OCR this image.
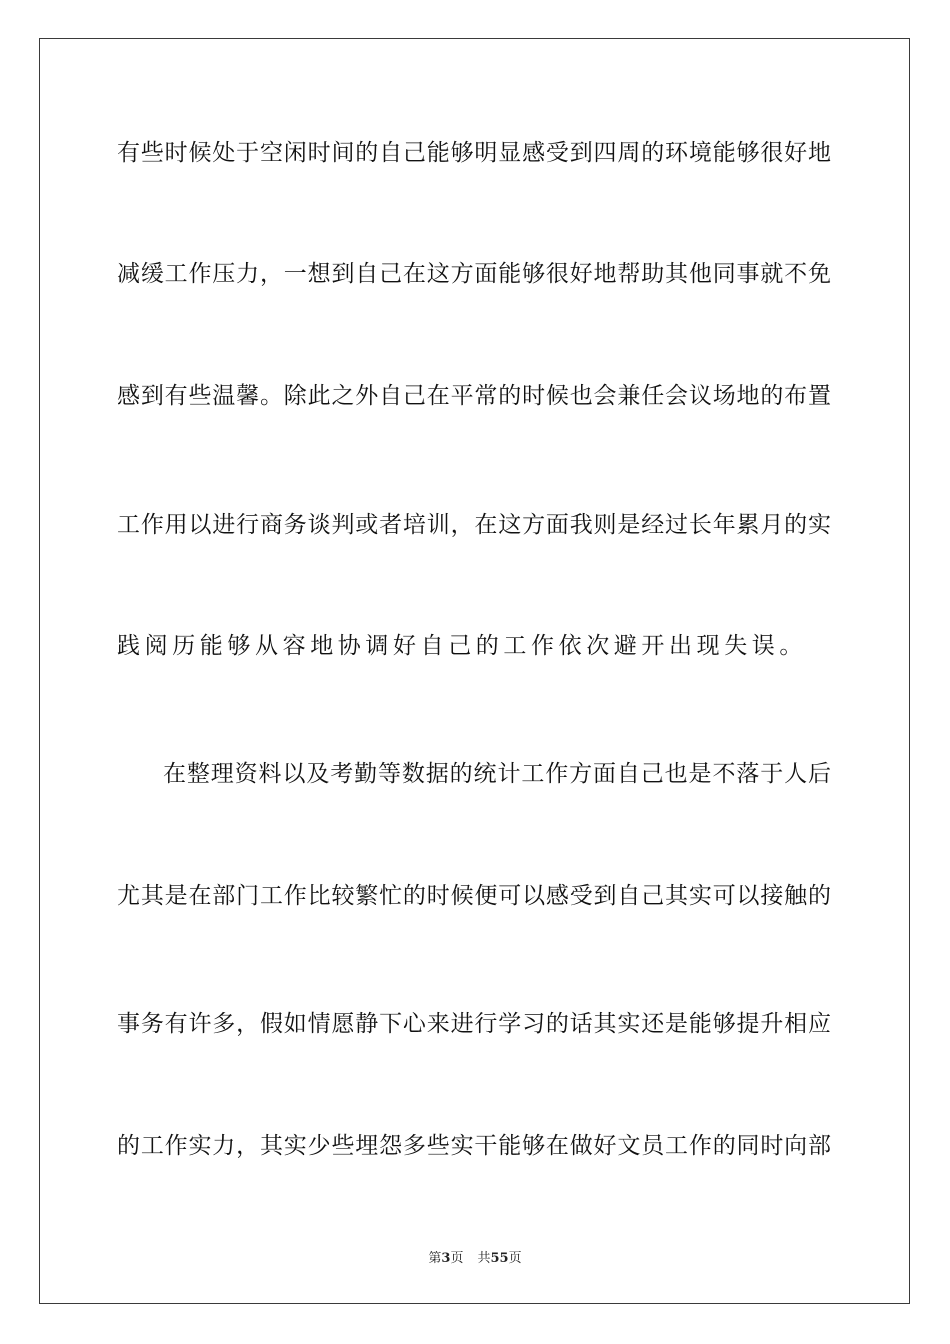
有些时候处于空闲时间的自己能够明显感受到四周的环境能够很好地
减缓工作压力，一想到自己在这方面能够很好地帮助其他同事就不免
感到有些温馨。除此之外自己在平常的时候也会兼任会议场地的布置
工作用以进行商务谈判或者培训，在这方面我则是经过长年累月的实
践阅历能够从容地协调好自己的工作依次避开出现失误。
在整理资料以及考勤等数据的统计工作方面自己也是不落于人后
尤其是在部门工作比较繁忙的时候便可以感受到自己其实可以接触的
事务有许多，假如情愿静下心来进行学习的话其实还是能够提升相应
的工作实力，其实少些埋怨多些实干能够在做好文员工作的同时向部
第3页 共55页
